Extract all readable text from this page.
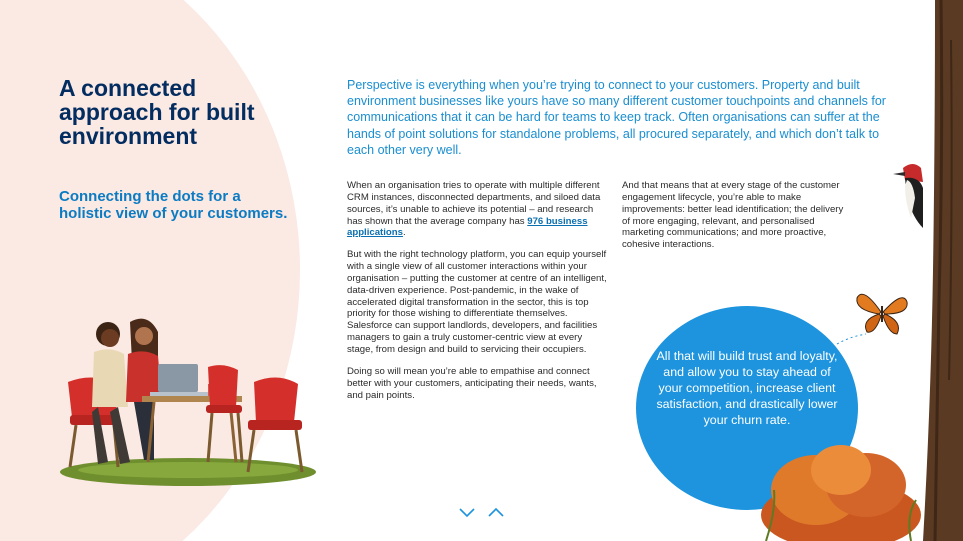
A connected approach for built environment
Connecting the dots for a holistic view of your customers.

Perspective is everything when you’re trying to connect to your customers. Property and built environment businesses like yours have so many different customer touchpoints and channels for communications that it can be hard for teams to keep track. Often organisations can suffer at the hands of point solutions for standalone problems, all procured separately, and which don’t talk to each other very well.

When an organisation tries to operate with multiple different CRM instances, disconnected departments, and siloed data sources, it’s unable to achieve its potential – and research has shown that the average company has 976 business applications.

But with the right technology platform, you can equip yourself with a single view of all customer interactions within your organisation – putting the customer at centre of an intelligent, data-driven experience. Post-pandemic, in the wake of accelerated digital transformation in the sector, this is top priority for those wishing to differentiate themselves. Salesforce can support landlords, developers, and facilities managers to gain a truly customer-centric view at every stage, from design and build to servicing their occupiers.

Doing so will mean you’re able to empathise and connect better with your customers, anticipating their needs, wants, and pain points.

And that means that at every stage of the customer engagement lifecycle, you’re able to make improvements: better lead identification; the delivery of more engaging, relevant, and personalised marketing communications; and more proactive, cohesive interactions.

All that will build trust and loyalty, and allow you to stay ahead of your competition, increase client satisfaction, and drastically lower your churn rate.
